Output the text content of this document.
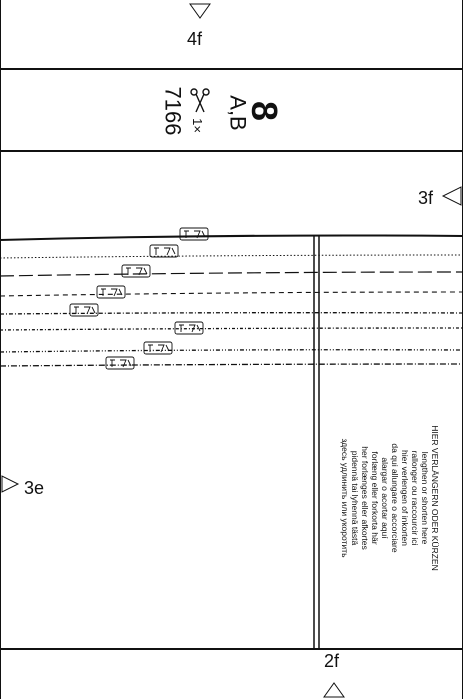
4f
2f
3e
3f
8
A,B
1×
7166
HIER VERLÄNGERN ODER KÜRZEN
lengthen or shorten here
rallonger ou raccourcir ici
hier verlengen of inkorten
da qui allungare o accorciare
alargar o acortar aquí
forlæng eller forkorta här
her forlænges eller afkortes
pidennä tai lyhennä tästä
здесь удлинить или укоротить
